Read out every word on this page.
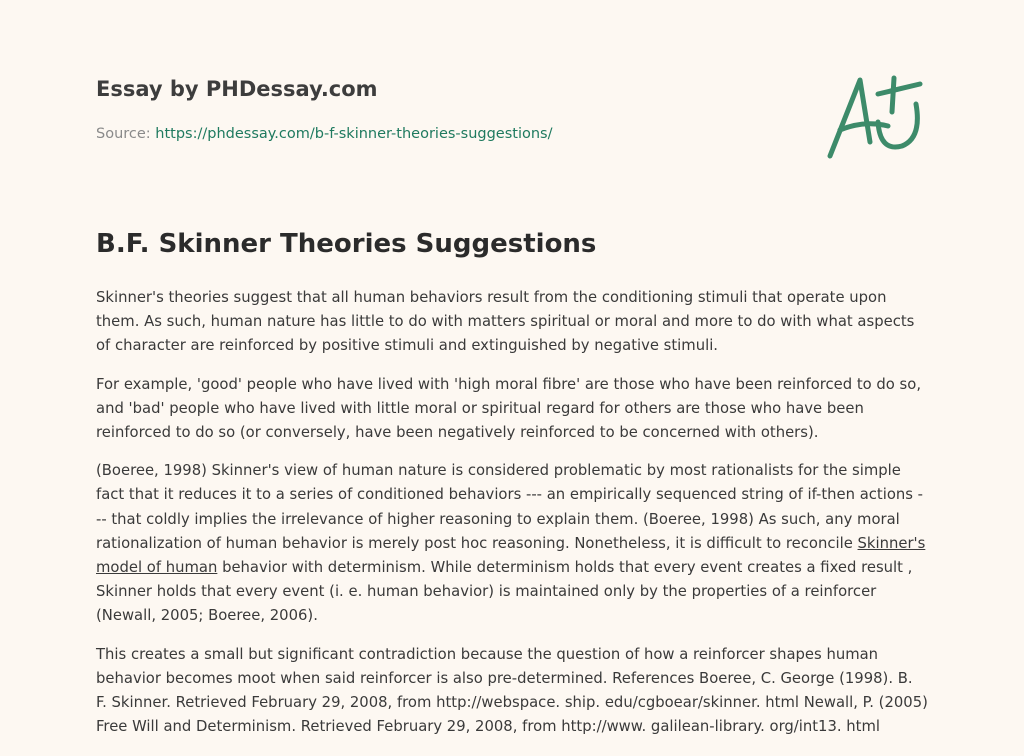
Essay by PHDessay.com
Source: https://phdessay.com/b-f-skinner-theories-suggestions/
B.F. Skinner Theories Suggestions

Skinner's theories suggest that all human behaviors result from the conditioning stimuli that operate upon them. As such, human nature has little to do with matters spiritual or moral and more to do with what aspects of character are reinforced by positive stimuli and extinguished by negative stimuli.

For example, 'good' people who have lived with 'high moral fibre' are those who have been reinforced to do so, and 'bad' people who have lived with little moral or spiritual regard for others are those who have been reinforced to do so (or conversely, have been negatively reinforced to be concerned with others).

(Boeree, 1998) Skinner's view of human nature is considered problematic by most rationalists for the simple fact that it reduces it to a series of conditioned behaviors --- an empirically sequenced string of if-then actions --- that coldly implies the irrelevance of higher reasoning to explain them. (Boeree, 1998) As such, any moral rationalization of human behavior is merely post hoc reasoning. Nonetheless, it is difficult to reconcile Skinner's model of human behavior with determinism. While determinism holds that every event creates a fixed result , Skinner holds that every event (i. e. human behavior) is maintained only by the properties of a reinforcer (Newall, 2005; Boeree, 2006).

This creates a small but significant contradiction because the question of how a reinforcer shapes human behavior becomes moot when said reinforcer is also pre-determined. References Boeree, C. George (1998). B. F. Skinner. Retrieved February 29, 2008, from http://webspace. ship. edu/cgboear/skinner. html Newall, P. (2005) Free Will and Determinism. Retrieved February 29, 2008, from http://www. galilean-library. org/int13. html
